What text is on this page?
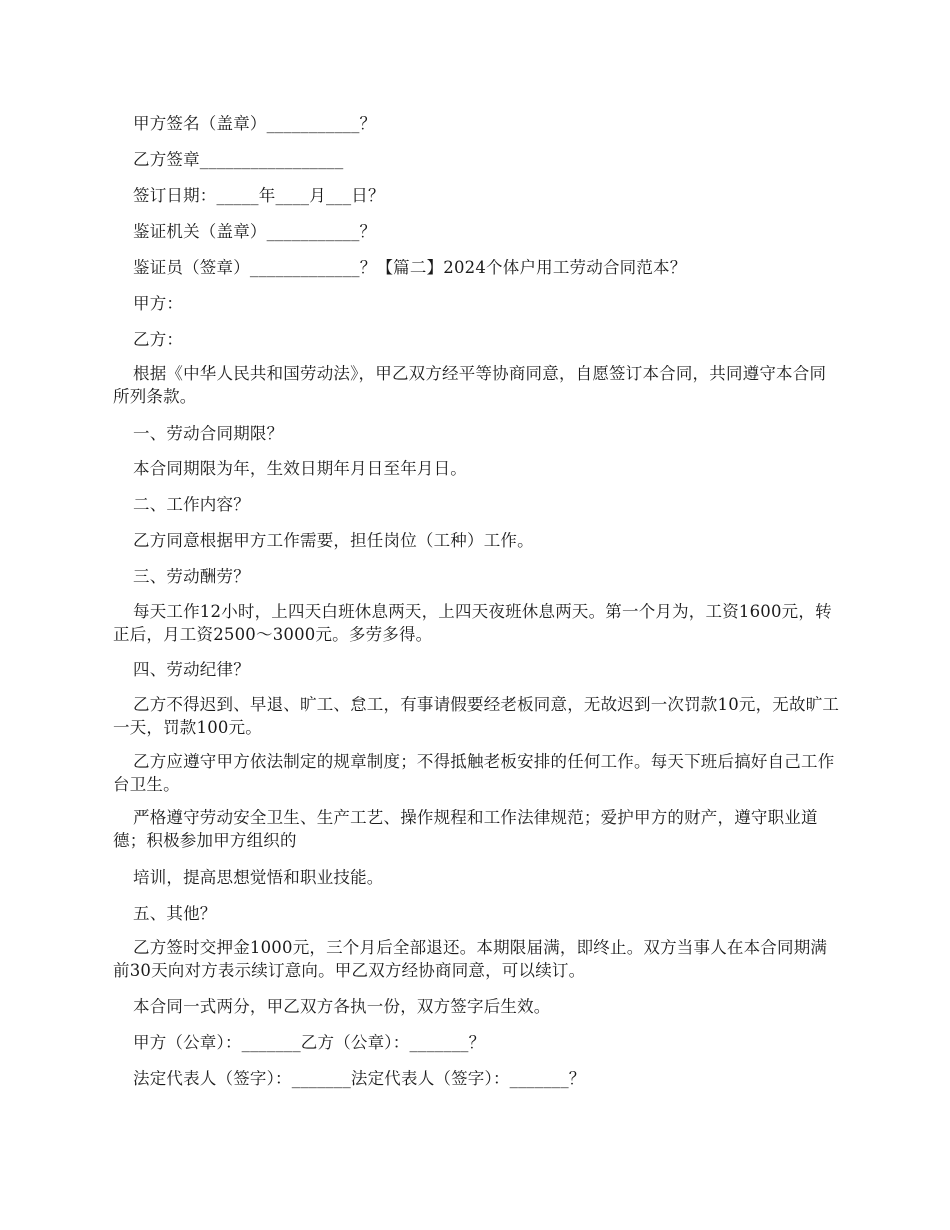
甲方签名（盖章）___________？

乙方签章_________________

签订日期：_____年____月___日？

鉴证机关（盖章）___________？

鉴证员（签章）_____________？【篇二】2024个体户用工劳动合同范本？

甲方：

乙方：

根据《中华人民共和国劳动法》，甲乙双方经平等协商同意，自愿签订本合同，共同遵守本合同所列条款。

一、劳动合同期限？

本合同期限为年，生效日期年月日至年月日。

二、工作内容？

乙方同意根据甲方工作需要，担任岗位（工种）工作。

三、劳动酬劳？

每天工作12小时，上四天白班休息两天，上四天夜班休息两天。第一个月为，工资1600元，转正后，月工资2500～3000元。多劳多得。

四、劳动纪律？

乙方不得迟到、早退、旷工、怠工，有事请假要经老板同意，无故迟到一次罚款10元，无故旷工一天，罚款100元。

乙方应遵守甲方依法制定的规章制度；不得抵触老板安排的任何工作。每天下班后搞好自己工作台卫生。

严格遵守劳动安全卫生、生产工艺、操作规程和工作法律规范；爱护甲方的财产，遵守职业道德；积极参加甲方组织的

培训，提高思想觉悟和职业技能。

五、其他？

乙方签时交押金1000元，三个月后全部退还。本期限届满，即终止。双方当事人在本合同期满前30天向对方表示续订意向。甲乙双方经协商同意，可以续订。

本合同一式两分，甲乙双方各执一份，双方签字后生效。

甲方（公章）：_______乙方（公章）：_______？

法定代表人（签字）：_______法定代表人（签字）：_______？
